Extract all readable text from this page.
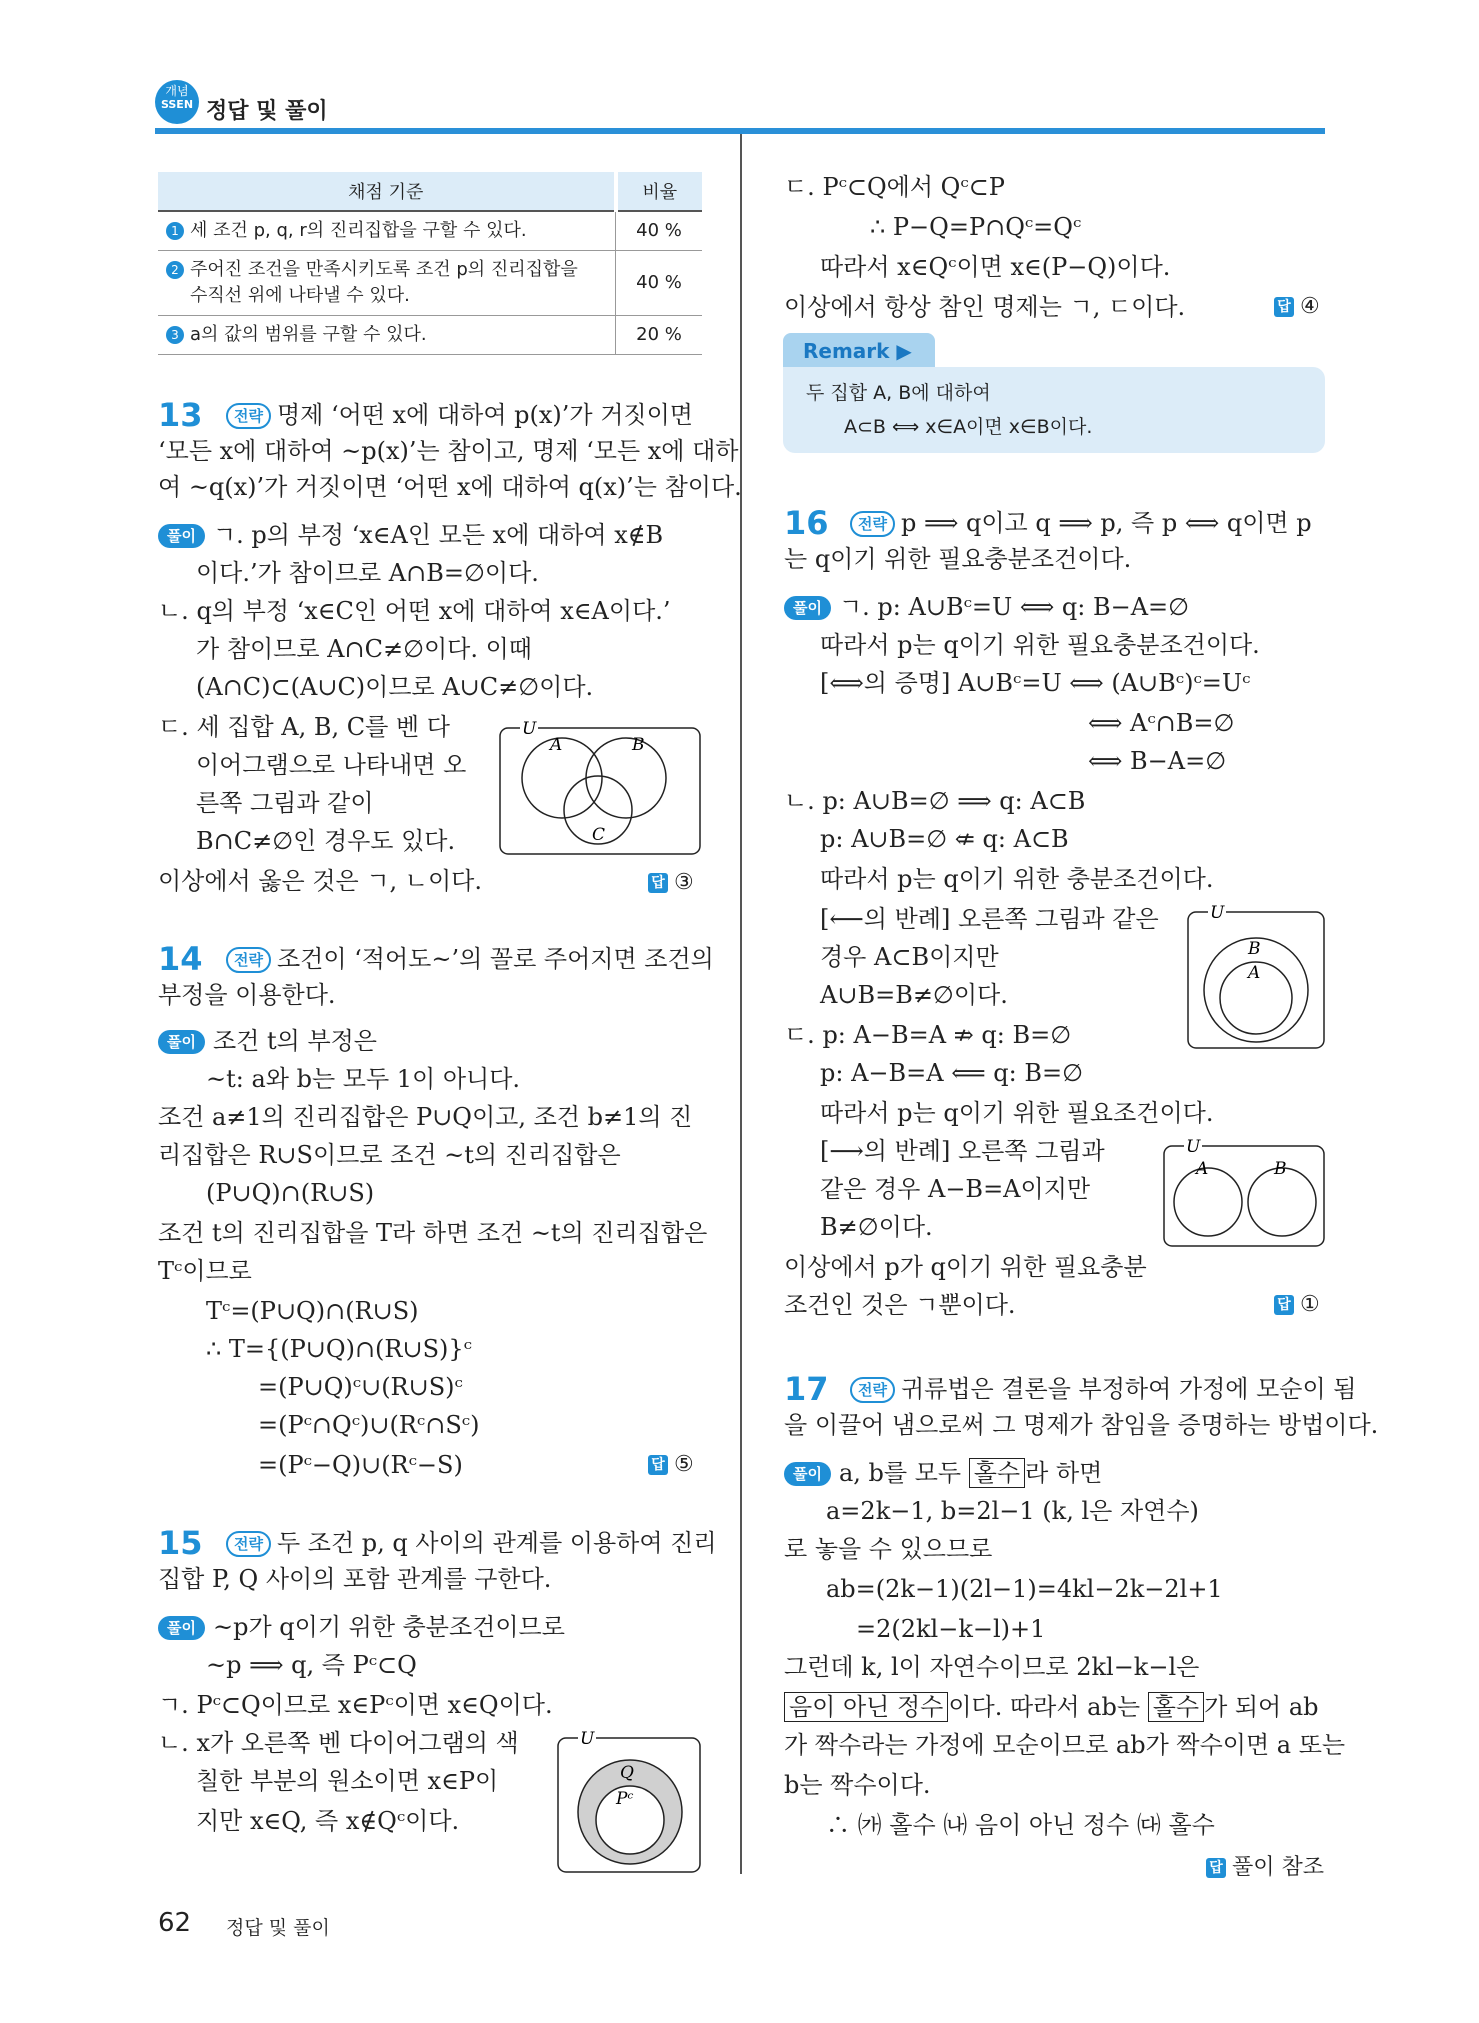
개념
SSEN 정답 및 풀이
채점 기준	비율
1 세 조건 p, q, r의 진리집합을 구할 수 있다.	40 %
2 주어진 조건을 만족시키도록 조건 p의 진리집합을
수직선 위에 나타낼 수 있다.	40 %
3 a의 값의 범위를 구할 수 있다.	20 %
13	전략 명제 ‘어떤 x에 대하여 p(x)’가 거짓이면
‘모든 x에 대하여 ~p(x)’는 참이고, 명제 ‘모든 x에 대하
여 ~q(x)’가 거짓이면 ‘어떤 x에 대하여 q(x)’는 참이다.
풀이 ㄱ. p의 부정 ‘x∈A인 모든 x에 대하여 x∉B
이다.’가 참이므로 A∩B=∅이다.
ㄴ. q의 부정 ‘x∈C인 어떤 x에 대하여 x∈A이다.’
가 참이므로 A∩C≠∅이다. 이때
(A∩C)⊂(A∪C)이므로 A∪C≠∅이다.
ㄷ. 세 집합 A, B, C를 벤 다
이어그램으로 나타내면 오
른쪽 그림과 같이
B∩C≠∅인 경우도 있다.
이상에서 옳은 것은 ㄱ, ㄴ이다.	답 ③
U
A	B
C
14	전략 조건이 ‘적어도~’의 꼴로 주어지면 조건의
부정을 이용한다.
풀이 조건 t의 부정은
~t: a와 b는 모두 1이 아니다.
조건 a≠1의 진리집합은 P∪Q이고, 조건 b≠1의 진
리집합은 R∪S이므로 조건 ~t의 진리집합은
(P∪Q)∩(R∪S)
조건 t의 진리집합을 T라 하면 조건 ~t의 진리집합은
Tᶜ이므로
Tᶜ=(P∪Q)∩(R∪S)
∴ T={(P∪Q)∩(R∪S)}ᶜ
=(P∪Q)ᶜ∪(R∪S)ᶜ
=(Pᶜ∩Qᶜ)∪(Rᶜ∩Sᶜ)
=(Pᶜ−Q)∪(Rᶜ−S)	답 ⑤
15	전략 두 조건 p, q 사이의 관계를 이용하여 진리
집합 P, Q 사이의 포함 관계를 구한다.
풀이 ~p가 q이기 위한 충분조건이므로
~p ⟹ q, 즉 Pᶜ⊂Q
ㄱ. Pᶜ⊂Q이므로 x∈Pᶜ이면 x∈Q이다.
ㄴ. x가 오른쪽 벤 다이어그램의 색
칠한 부분의 원소이면 x∈P이
지만 x∈Q, 즉 x∉Qᶜ이다.
U
Q
Pᶜ
ㄷ. Pᶜ⊂Q에서 Qᶜ⊂P
∴ P−Q=P∩Qᶜ=Qᶜ
따라서 x∈Qᶜ이면 x∈(P−Q)이다.
이상에서 항상 참인 명제는 ㄱ, ㄷ이다.	답 ④
Remark ▶
두 집합 A, B에 대하여
A⊂B ⟺ x∈A이면 x∈B이다.
16	전략 p ⟹ q이고 q ⟹ p, 즉 p ⟺ q이면 p
는 q이기 위한 필요충분조건이다.
풀이 ㄱ. p: A∪Bᶜ=U ⟺ q: B−A=∅
따라서 p는 q이기 위한 필요충분조건이다.
[⟺의 증명] A∪Bᶜ=U ⟺ (A∪Bᶜ)ᶜ=Uᶜ
⟺ Aᶜ∩B=∅
⟺ B−A=∅
ㄴ. p: A∪B=∅ ⟹ q: A⊂B
p: A∪B=∅ ⇍ q: A⊂B
따라서 p는 q이기 위한 충분조건이다.
[⟵의 반례] 오른쪽 그림과 같은
경우 A⊂B이지만
A∪B=B≠∅이다.
ㄷ. p: A−B=A ⇏ q: B=∅
p: A−B=A ⟸ q: B=∅
따라서 p는 q이기 위한 필요조건이다.
[⟶의 반례] 오른쪽 그림과
같은 경우 A−B=A이지만
B≠∅이다.
이상에서 p가 q이기 위한 필요충분
조건인 것은 ㄱ뿐이다.	답 ①
U
B
A
U
A	B
17	전략 귀류법은 결론을 부정하여 가정에 모순이 됨
을 이끌어 냄으로써 그 명제가 참임을 증명하는 방법이다.
풀이 a, b를 모두 홀수 라 하면
a=2k−1, b=2l−1 (k, l은 자연수)
로 놓을 수 있으므로
ab=(2k−1)(2l−1)=4kl−2k−2l+1
=2(2kl−k−l)+1
그런데 k, l이 자연수이므로 2kl−k−l은
음이 아닌 정수 이다. 따라서 ab는 홀수 가 되어 ab
가 짝수라는 가정에 모순이므로 ab가 짝수이면 a 또는
b는 짝수이다.
∴ ㈎ 홀수 ㈏ 음이 아닌 정수 ㈐ 홀수
답 풀이 참조
62 정답 및 풀이
